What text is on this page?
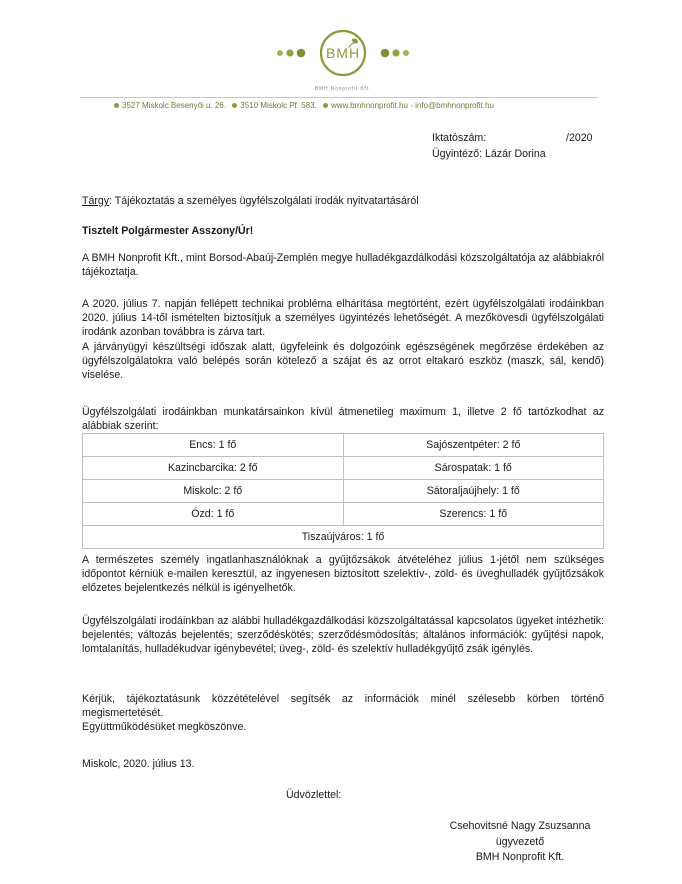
BMH
BMH Nonprofit Kft.
3527 Miskolc Besenyői u. 26. 3510 Miskolc Pf. 583. www.bmhnonprofit.hu - info@bmhnonprofit.hu
Iktatószám:	/2020
Ügyintéző: Lázár Dorina
Tárgy: Tájékoztatás a személyes ügyfélszolgálati irodák nyitvatartásáról
Tisztelt Polgármester Asszony/Úr!
A BMH Nonprofit Kft., mint Borsod-Abaúj-Zemplén megye hulladékgazdálkodási közszolgáltatója az alábbiakról tájékoztatja.
A 2020. július 7. napján fellépett technikai probléma elhárítása megtörtént, ezért ügyfélszolgálati irodáinkban 2020. július 14-től ismételten biztosítjuk a személyes ügyintézés lehetőségét. A mezőkövesdi ügyfélszolgálati irodánk azonban továbbra is zárva tart.
A járványügyi készültségi időszak alatt, ügyfeleink és dolgozóink egészségének megőrzése érdekében az ügyfélszolgálatokra való belépés során kötelező a szájat és az orrot eltakaró eszköz (maszk, sál, kendő) viselése.
Ügyfélszolgálati irodáinkban munkatársainkon kívül átmenetileg maximum 1, illetve 2 fő tartózkodhat az alábbiak szerint:
Encs: 1 fő	Sajószentpéter: 2 fő
Kazincbarcika: 2 fő	Sárospatak: 1 fő
Miskolc: 2 fő	Sátoraljaújhely: 1 fő
Ózd: 1 fő	Szerencs: 1 fő
Tiszaújváros: 1 fő	
A természetes személy ingatlanhasználóknak a gyűjtőzsákok átvételéhez július 1-jétől nem szükséges időpontot kérniük e-mailen keresztül, az ingyenesen biztosított szelektív-, zöld- és üveghulladék gyűjtőzsákok előzetes bejelentkezés nélkül is igényelhetők.
Ügyfélszolgálati irodáinkban az alábbi hulladékgazdálkodási közszolgáltatással kapcsolatos ügyeket intézhetik: bejelentés; változás bejelentés; szerződéskötés; szerződésmódosítás; általános információk: gyűjtési napok, lomtalanítás, hulladékudvar igénybevétel; üveg-, zöld- és szelektív hulladékgyűjtő zsák igénylés.
Kérjük, tájékoztatásunk közzétételével segítsék az információk minél szélesebb körben történő megismertetését.
Együttműködésüket megköszönve.
Miskolc, 2020. július 13.
Üdvözlettel:
Csehovitsné Nagy Zsuzsanna
ügyvezető
BMH Nonprofit Kft.
